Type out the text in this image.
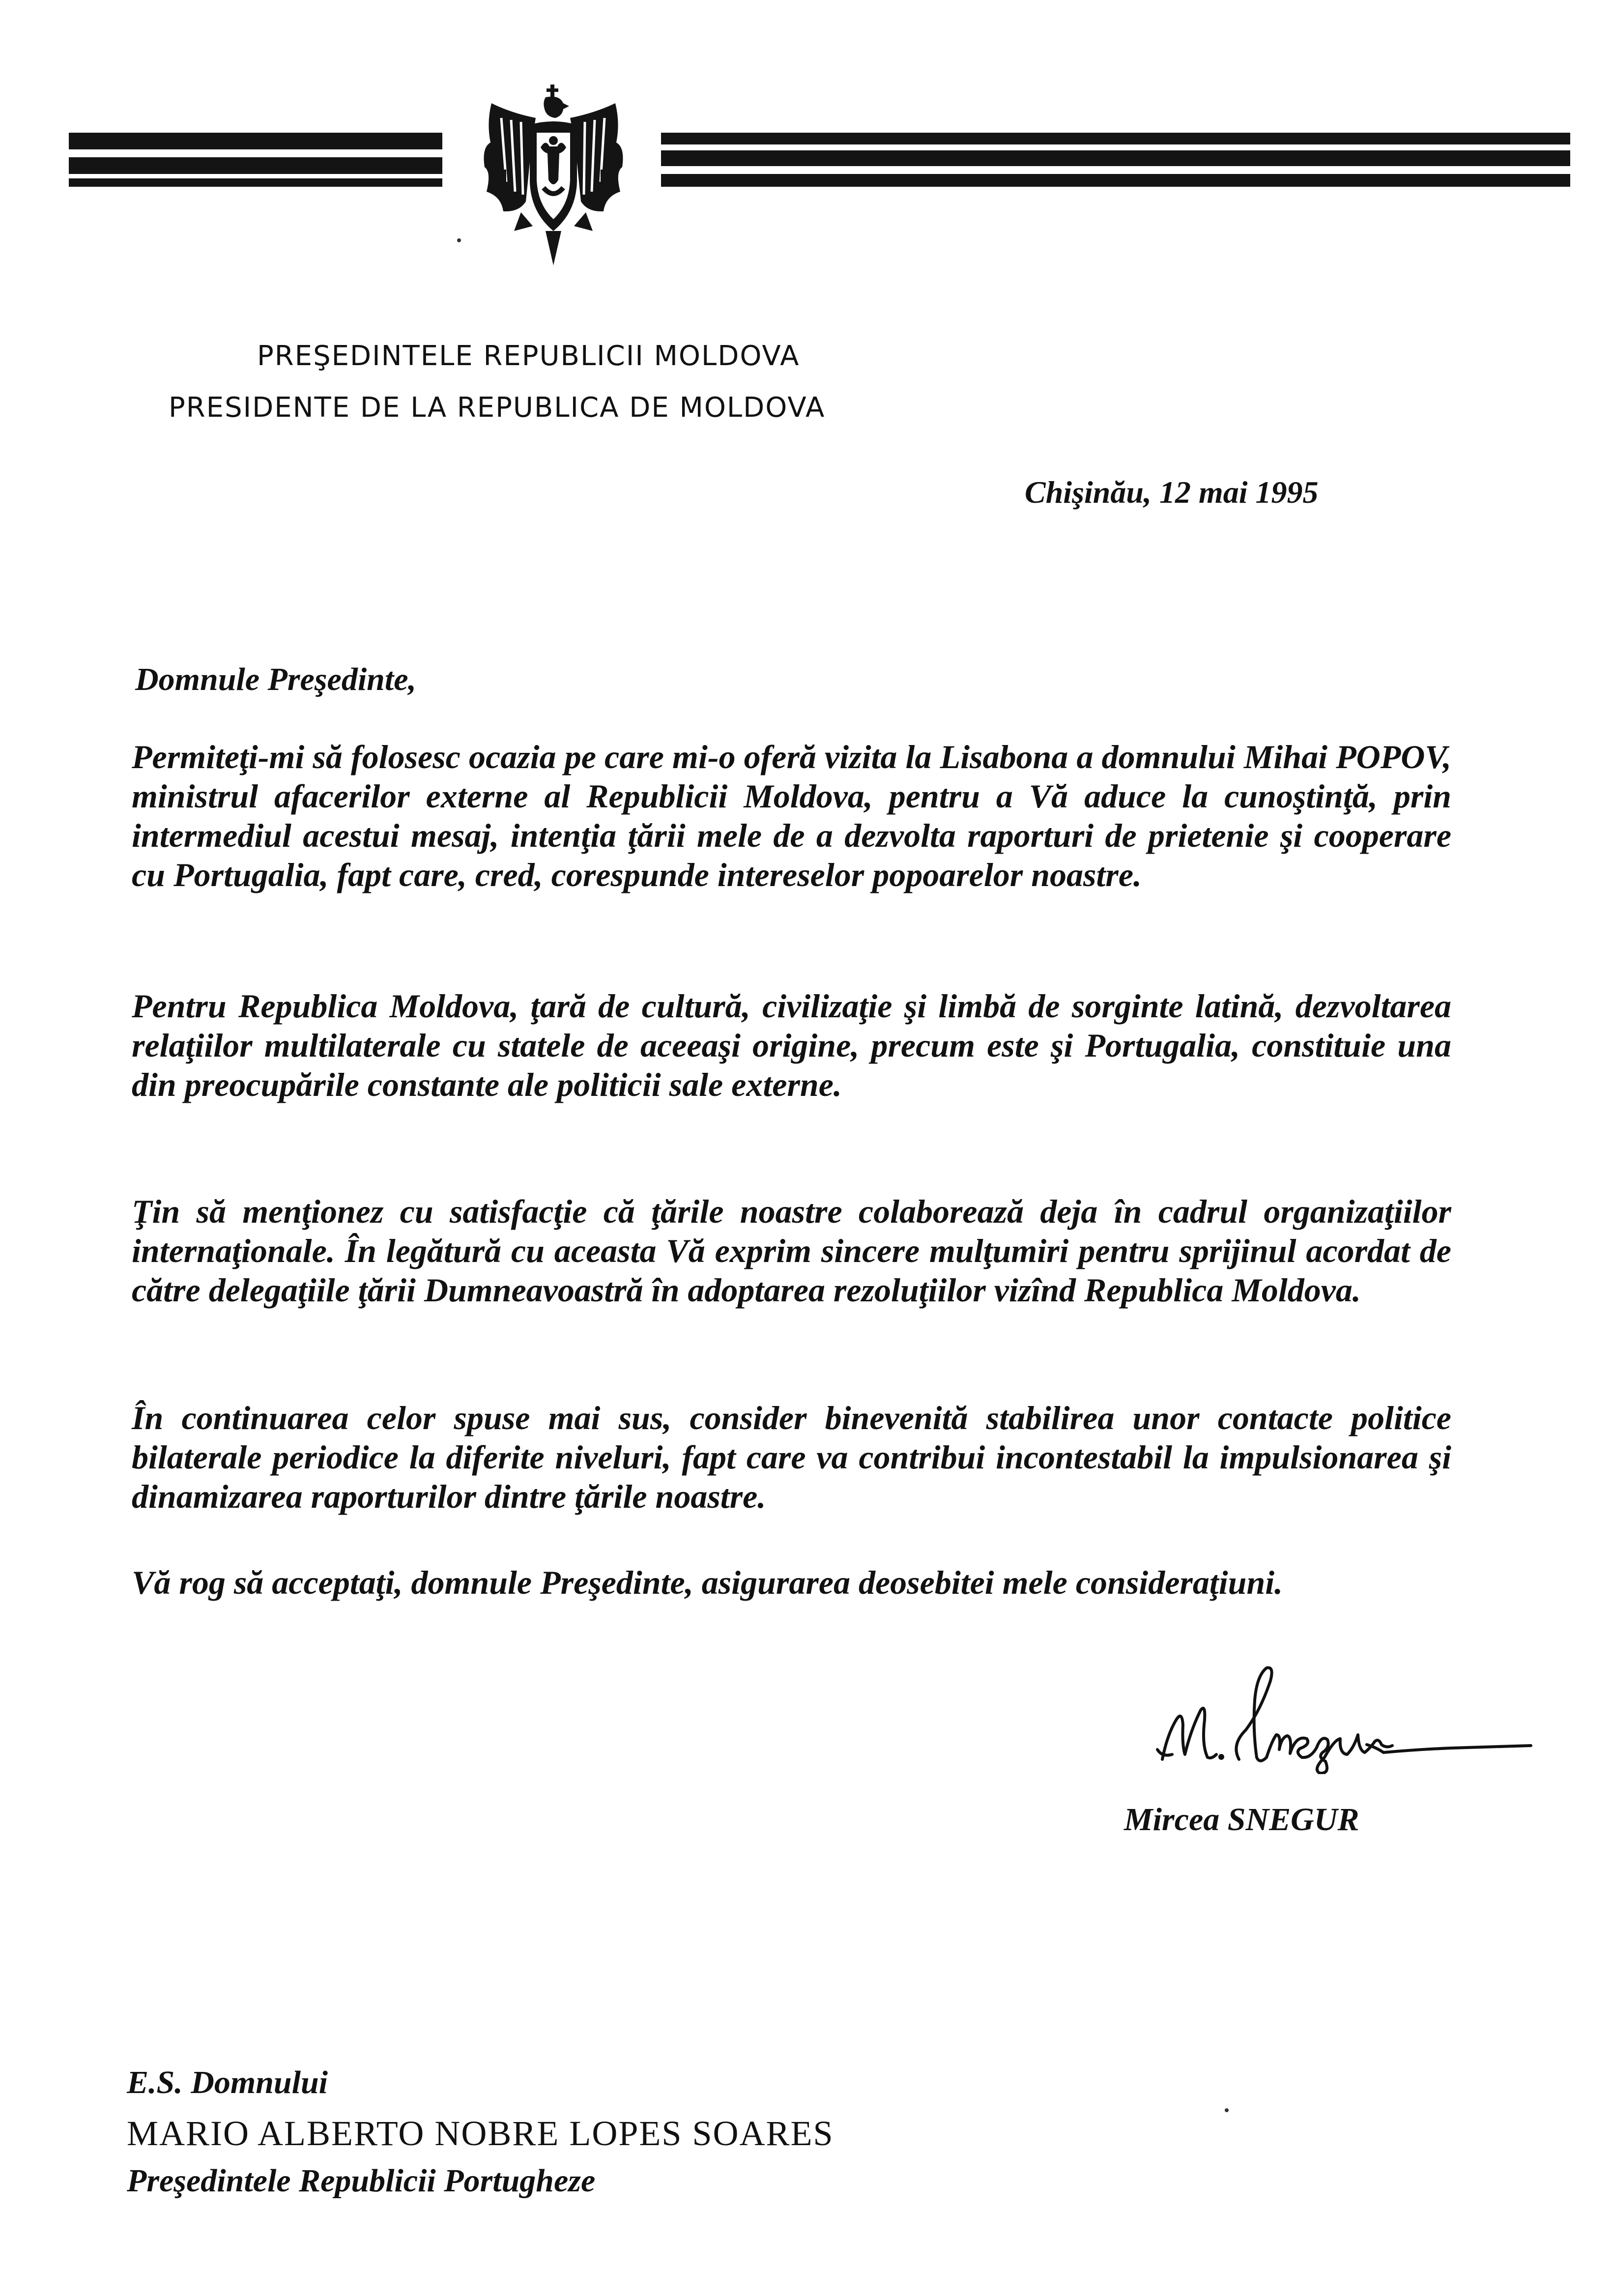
PREŞEDINTELE REPUBLICII MOLDOVA
PRESIDENTE DE LA REPUBLICA DE MOLDOVA
Chişinău, 12 mai 1995
Domnule Preşedinte,
Permiteţi-mi să folosesc ocazia pe care mi-o oferă vizita la Lisabona a domnului Mihai POPOV, ministrul afacerilor externe al Republicii Moldova, pentru a Vă aduce la cunoştinţă, prin intermediul acestui mesaj, intenţia ţării mele de a dezvolta raporturi de prietenie şi cooperare cu Portugalia, fapt care, cred, corespunde intereselor popoarelor noastre.
Pentru Republica Moldova, ţară de cultură, civilizaţie şi limbă de sorginte latină, dezvoltarea relaţiilor multilaterale cu statele de aceeaşi origine, precum este şi Portugalia, constituie una din preocupările constante ale politicii sale externe.
Ţin să menţionez cu satisfacţie că ţările noastre colaborează deja în cadrul organizaţiilor internaţionale. În legătură cu aceasta Vă exprim sincere mulţumiri pentru sprijinul acordat de către delegaţiile ţării Dumneavoastră în adoptarea rezoluţiilor vizînd Republica Moldova.
În continuarea celor spuse mai sus, consider binevenită stabilirea unor contacte politice bilaterale periodice la diferite niveluri, fapt care va contribui incontestabil la impulsionarea şi dinamizarea raporturilor dintre ţările noastre.
Vă rog să acceptaţi, domnule Preşedinte, asigurarea deosebitei mele consideraţiuni.
Mircea SNEGUR
E.S. Domnului
MARIO ALBERTO NOBRE LOPES SOARES
Preşedintele Republicii Portugheze
